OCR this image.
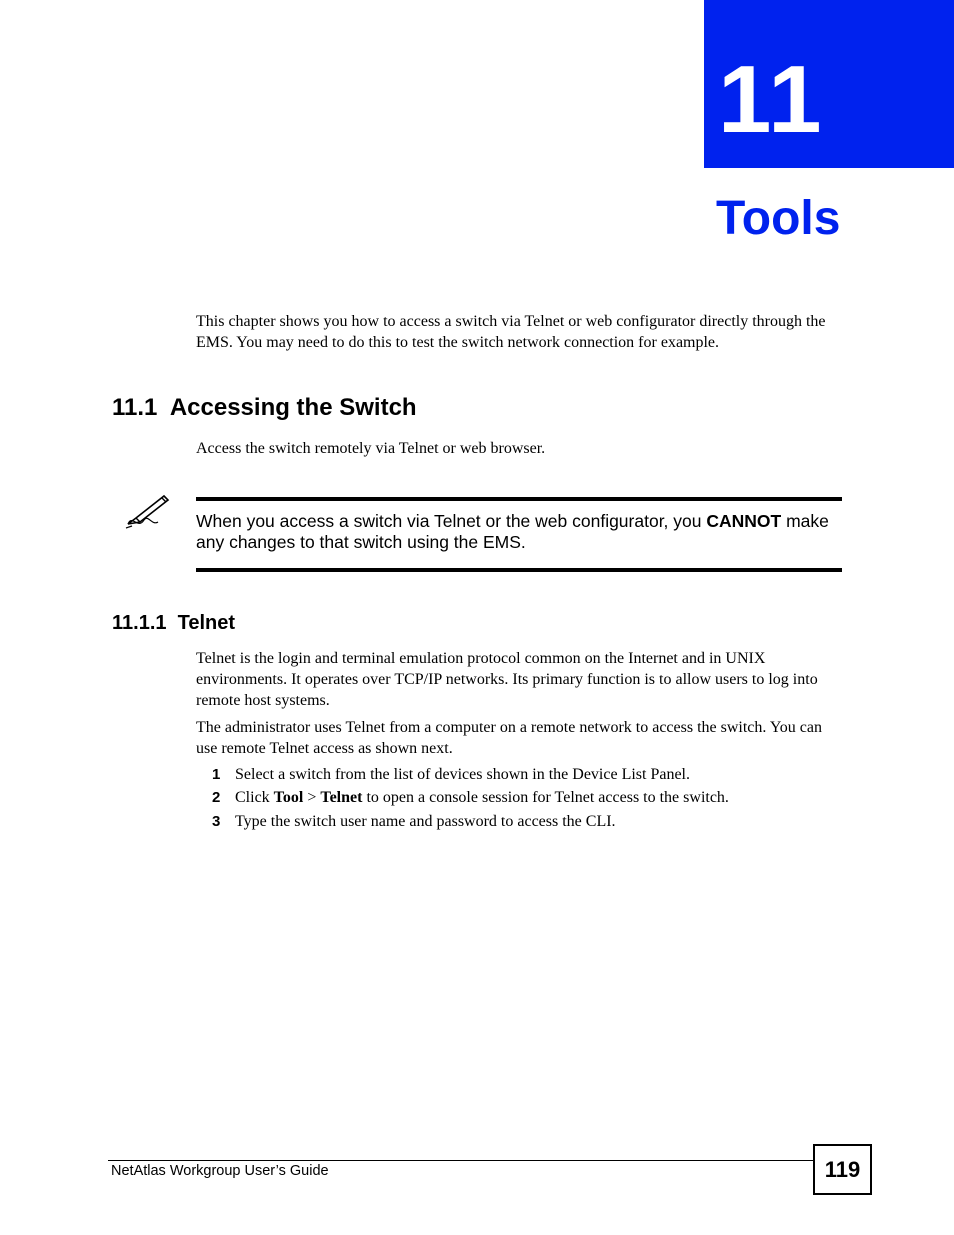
11
Tools
This chapter shows you how to access a switch via Telnet or web configurator directly through the EMS. You may need to do this to test the switch network connection for example.
11.1  Accessing the Switch
Access the switch remotely via Telnet or web browser.
When you access a switch via Telnet or the web configurator, you CANNOT make any changes to that switch using the EMS.
11.1.1  Telnet
Telnet is the login and terminal emulation protocol common on the Internet and in UNIX environments. It operates over TCP/IP networks. Its primary function is to allow users to log into remote host systems.
The administrator uses Telnet from a computer on a remote network to access the switch. You can use remote Telnet access as shown next.
1 Select a switch from the list of devices shown in the Device List Panel.
2 Click Tool > Telnet to open a console session for Telnet access to the switch.
3 Type the switch user name and password to access the CLI.
NetAtlas Workgroup User’s Guide	119
